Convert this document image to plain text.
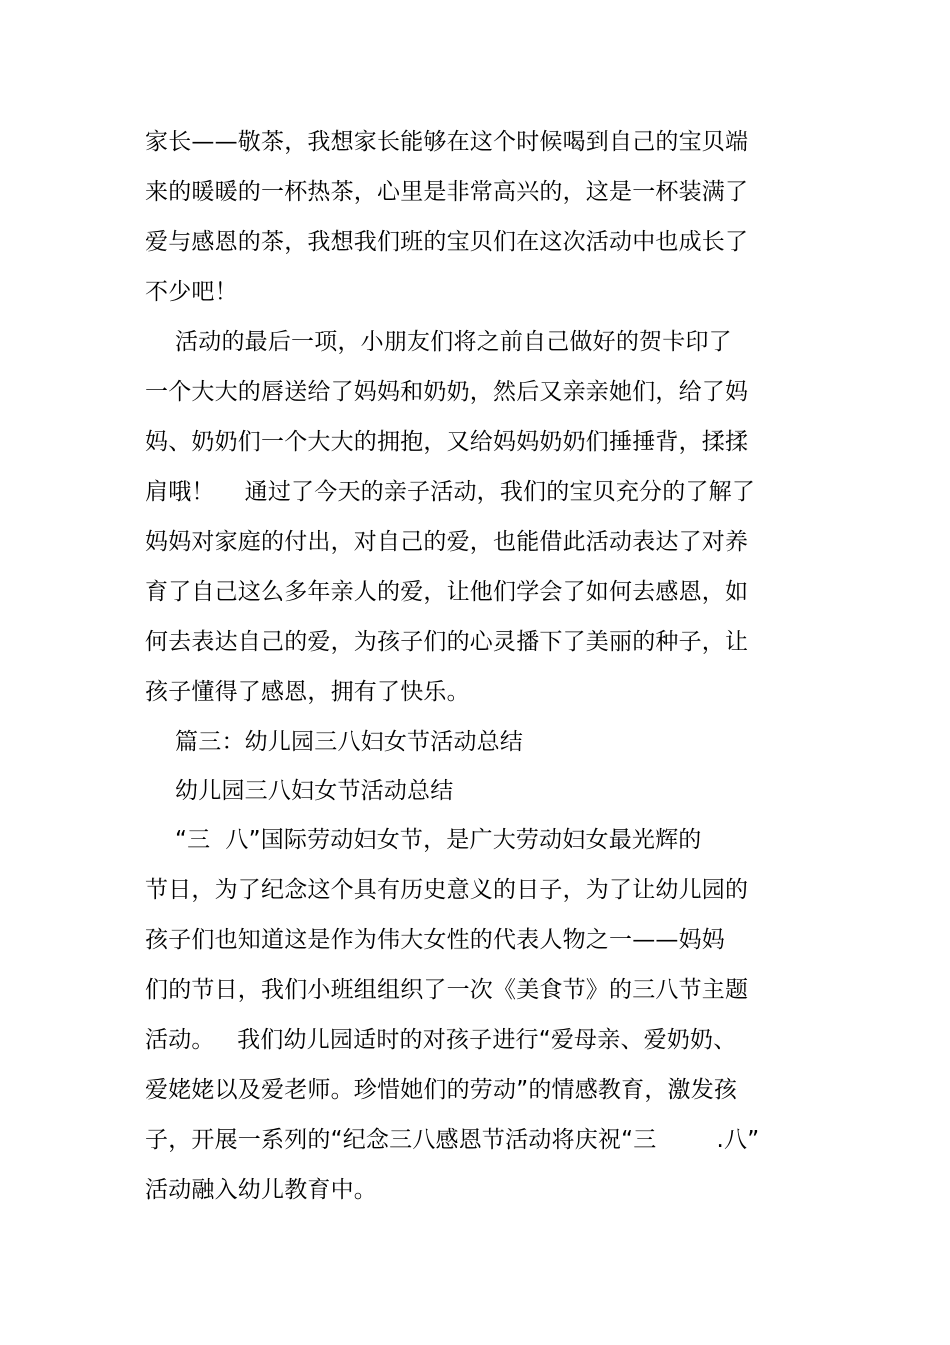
家长——敬茶，我想家长能够在这个时候喝到自己的宝贝端
来的暖暖的一杯热茶，心里是非常高兴的，这是一杯装满了
爱与感恩的茶，我想我们班的宝贝们在这次活动中也成长了
不少吧！
活动的最后一项，小朋友们将之前自己做好的贺卡印了
一个大大的唇送给了妈妈和奶奶，然后又亲亲她们，给了妈
妈、奶奶们一个大大的拥抱，又给妈妈奶奶们捶捶背，揉揉
肩哦！    通过了今天的亲子活动，我们的宝贝充分的了解了
妈妈对家庭的付出，对自己的爱，也能借此活动表达了对养
育了自己这么多年亲人的爱，让他们学会了如何去感恩，如
何去表达自己的爱，为孩子们的心灵播下了美丽的种子，让
孩子懂得了感恩，拥有了快乐。
篇三：幼儿园三八妇女节活动总结
幼儿园三八妇女节活动总结
“三  八”国际劳动妇女节，是广大劳动妇女最光辉的
节日，为了纪念这个具有历史意义的日子，为了让幼儿园的
孩子们也知道这是作为伟大女性的代表人物之一——妈妈
们的节日，我们小班组组织了一次《美食节》的三八节主题
活动。   我们幼儿园适时的对孩子进行“爱母亲、爱奶奶、
爱姥姥以及爱老师。珍惜她们的劳动”的情感教育，激发孩
子，开展一系列的“纪念三八感恩节活动将庆祝“三        .八”
活动融入幼儿教育中。
